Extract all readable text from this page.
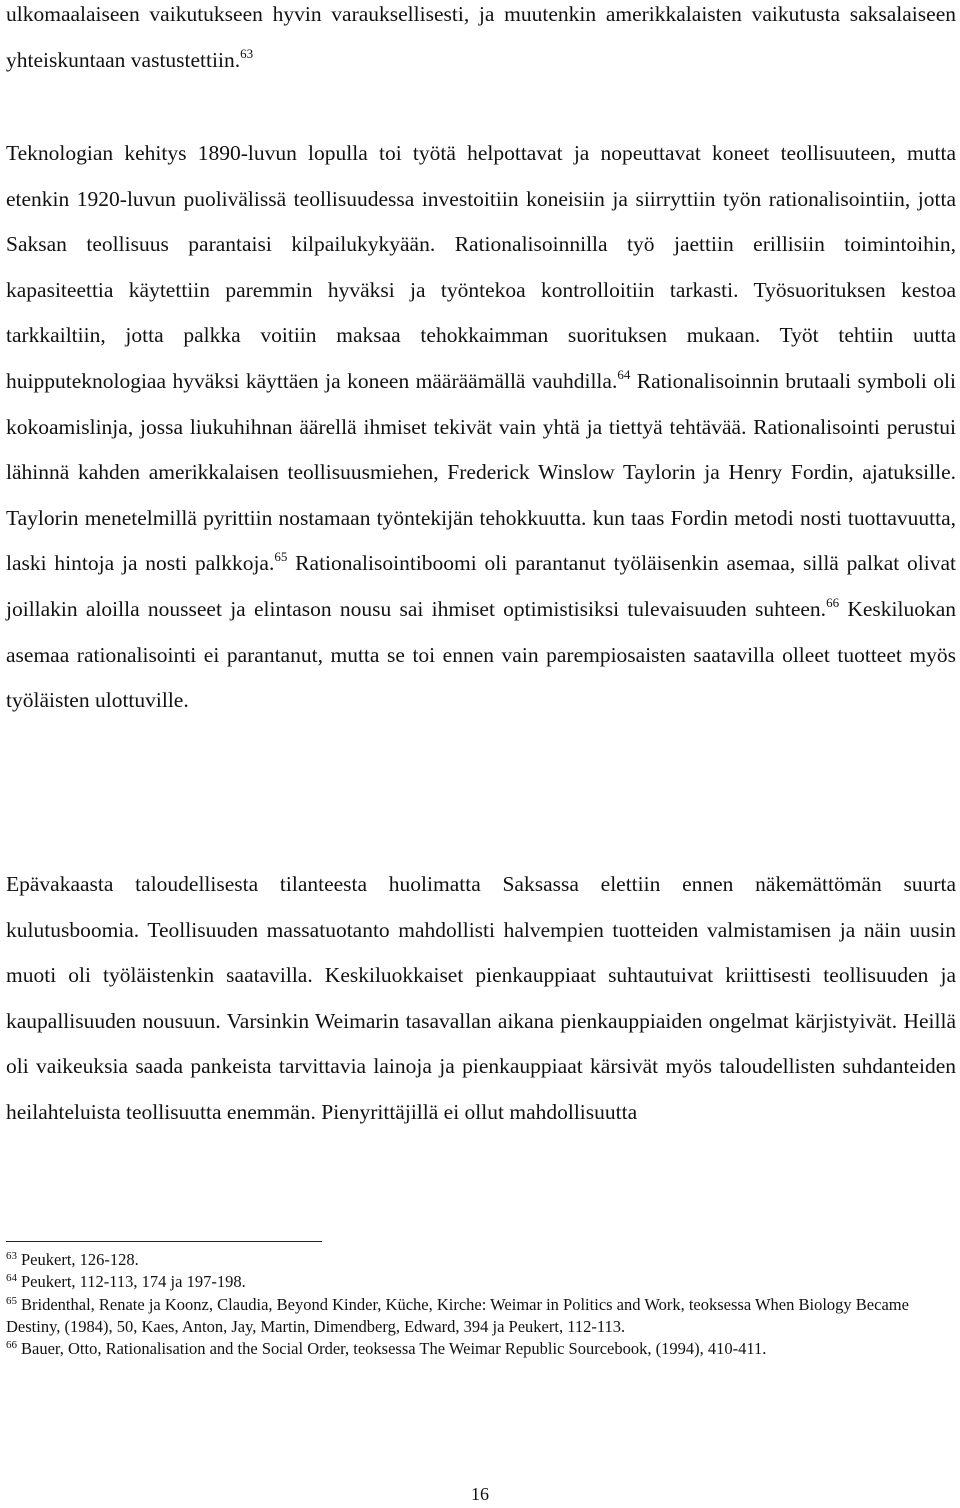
ulkomaalaiseen vaikutukseen hyvin varauksellisesti, ja muutenkin amerikkalaisten vaikutusta saksalaiseen yhteiskuntaan vastustettiin.$^{63}$

Teknologian kehitys 1890-luvun lopulla toi työtä helpottavat ja nopeuttavat koneet teollisuuteen, mutta etenkin 1920-luvun puolivälissä teollisuudessa investoitiin koneisiin ja siirryttiin työn rationalisointiin, jotta Saksan teollisuus parantaisi kilpailukykyään. Rationalisoinnilla työ jaettiin erillisiin toimintoihin, kapasiteettia käytettiin paremmin hyväksi ja työntekoa kontrolloitiin tarkasti. Työsuorituksen kestoa tarkkailtiin, jotta palkka voitiin maksaa tehokkaimman suorituksen mukaan. Työt tehtiin uutta huipputeknologiaa hyväksi käyttäen ja koneen määräämällä vauhdilla.$^{64}$ Rationalisoinnin brutaali symboli oli kokoamislinja, jossa liukuhihnan äärellä ihmiset tekivät vain yhtä ja tiettyä tehtävää. Rationalisointi perustui lähinnä kahden amerikkalaisen teollisuusmiehen, Frederick Winslow Taylorin ja Henry Fordin, ajatuksille. Taylorin menetelmillä pyrittiin nostamaan työntekijän tehokkuutta. kun taas Fordin metodi nosti tuottavuutta, laski hintoja ja nosti palkkoja.$^{65}$ Rationalisointiboomi oli parantanut työläisenkin asemaa, sillä palkat olivat joillakin aloilla nousseet ja elintason nousu sai ihmiset optimistisiksi tulevaisuuden suhteen.$^{66}$ Keskiluokan asemaa rationalisointi ei parantanut, mutta se toi ennen vain parempiosaisten saatavilla olleet tuotteet myös työläisten ulottuville.

Epävakaasta taloudellisesta tilanteesta huolimatta Saksassa elettiin ennen näkemättömän suurta kulutusboomia. Teollisuuden massatuotanto mahdollisti halvempien tuotteiden valmistamisen ja näin uusin muoti oli työläistenkin saatavilla. Keskiluokkaiset pienkauppiaat suhtautuivat kriittisesti teollisuuden ja kaupallisuuden nousuun. Varsinkin Weimarin tasavallan aikana pienkauppiaiden ongelmat kärjistyivät. Heillä oli vaikeuksia saada pankeista tarvittavia lainoja ja pienkauppiaat kärsivät myös taloudellisten suhdanteiden heilahteluista teollisuutta enemmän. Pienyrittäjillä ei ollut mahdollisuutta

$^{63}$ Peukert, 126-128.

$^{64}$ Peukert, 112-113, 174 ja 197-198.

$^{65}$ Bridenthal, Renate ja Koonz, Claudia, Beyond Kinder, Küche, Kirche: Weimar in Politics and Work, teoksessa When Biology Became Destiny, (1984), 50, Kaes, Anton, Jay, Martin, Dimendberg, Edward, 394 ja Peukert, 112-113.

$^{66}$ Bauer, Otto, Rationalisation and the Social Order, teoksessa The Weimar Republic Sourcebook, (1994), 410-411.

16
